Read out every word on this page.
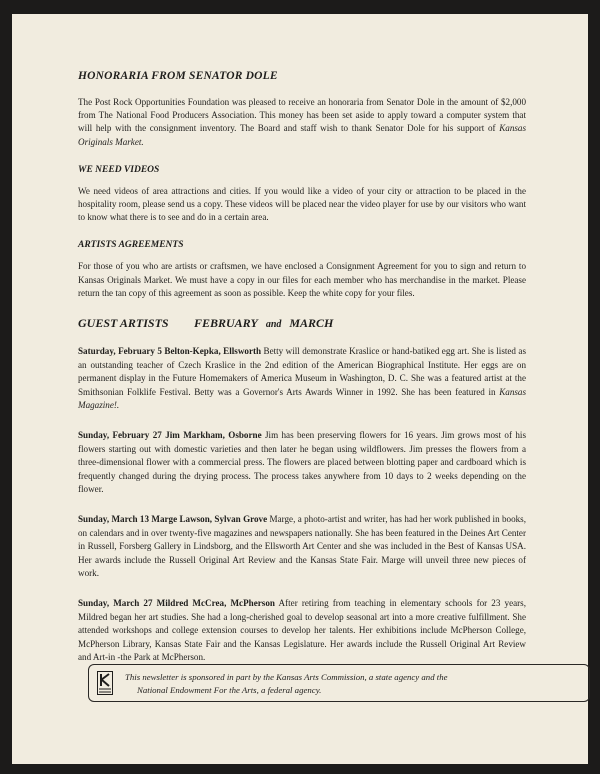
HONORARIA FROM SENATOR DOLE

The Post Rock Opportunities Foundation was pleased to receive an honoraria from Senator Dole in the amount of $2,000 from The National Food Producers Association. This money has been set aside to apply toward a computer system that will help with the consignment inventory. The Board and staff wish to thank Senator Dole for his support of Kansas Originals Market.

WE NEED VIDEOS

We need videos of area attractions and cities. If you would like a video of your city or attraction to be placed in the hospitality room, please send us a copy. These videos will be placed near the video player for use by our visitors who want to know what there is to see and do in a certain area.

ARTISTS AGREEMENTS

For those of you who are artists or craftsmen, we have enclosed a Consignment Agreement for you to sign and return to Kansas Originals Market. We must have a copy in our files for each member who has merchandise in the market. Please return the tan copy of this agreement as soon as possible. Keep the white copy for your files.

GUEST ARTISTS	FEBRUARY and MARCH

Saturday, February 5 Belton-Kepka, Ellsworth Betty will demonstrate Kraslice or hand-batiked egg art. She is listed as an outstanding teacher of Czech Kraslice in the 2nd edition of the American Biographical Institute. Her eggs are on permanent display in the Future Homemakers of America Museum in Washington, D. C. She was a featured artist at the Smithsonian Folklife Festival. Betty was a Governor's Arts Awards Winner in 1992. She has been featured in Kansas Magazine!.

Sunday, February 27 Jim Markham, Osborne Jim has been preserving flowers for 16 years. Jim grows most of his flowers starting out with domestic varieties and then later he began using wildflowers. Jim presses the flowers from a three-dimensional flower with a commercial press. The flowers are placed between blotting paper and cardboard which is frequently changed during the drying process. The process takes anywhere from 10 days to 2 weeks depending on the flower.

Sunday, March 13 Marge Lawson, Sylvan Grove Marge, a photo-artist and writer, has had her work published in books, on calendars and in over twenty-five magazines and newspapers nationally. She has been featured in the Deines Art Center in Russell, Forsberg Gallery in Lindsborg, and the Ellsworth Art Center and she was included in the Best of Kansas USA. Her awards include the Russell Original Art Review and the Kansas State Fair. Marge will unveil three new pieces of work.

Sunday, March 27 Mildred McCrea, McPherson After retiring from teaching in elementary schools for 23 years, Mildred began her art studies. She had a long-cherished goal to develop seasonal art into a more creative fulfillment. She attended workshops and college extension courses to develop her talents. Her exhibitions include McPherson College, McPherson Library, Kansas State Fair and the Kansas Legislature. Her awards include the Russell Original Art Review and Art-in -the Park at McPherson.

This newsletter is sponsored in part by the Kansas Arts Commission, a state agency and the
National Endowment For the Arts, a federal agency.
